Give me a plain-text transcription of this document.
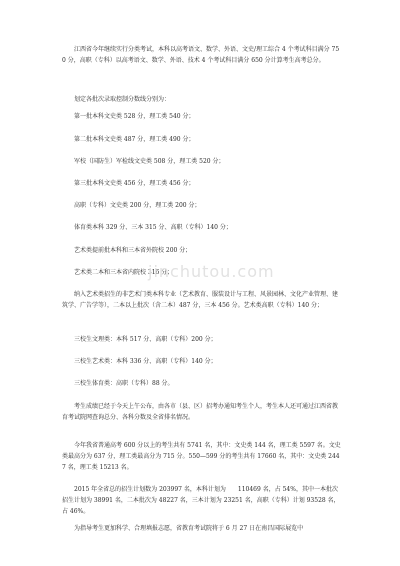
江西省今年继续实行分类考试，本科以高考语文、数学、外语、文史/理工综合 4 个考试科目满分 750 分，高职（专科）以高考语文、数学、外语、技术 4 个考试科目满分 650 分计算考生高考总分。

划定各批次录取控制分数线分别为：

第一批本科文史类 528 分，理工类 540 分；

第二批本科文史类 487 分，理工类 490 分；

军校（国防生）军检线文史类 508 分，理工类 520 分；

第三批本科文史类 456 分，理工类 456 分；

高职（专科）文史类 200 分，理工类 200 分；

体育类本科 329 分、三本 315 分、高职（专科）140 分；

艺术类提前批本科和三本省外院校 200 分；

艺术类二本和三本省内院校 316 分；

纳入艺术类招生的非艺术门类本科专业（艺术教育、服装设计与工程、风景园林、文化产业管理、建筑学、广告学等），二本以上批次（含二本）487 分，三本 456 分。艺术类高职（专科）140 分；

三校生文理类：本科 517 分、高职（专科）200 分；

三校生艺术类：本科 336 分、高职（专科）140 分；

三校生体育类：高职（专科）88 分。

考生成绩已经于今天上午公布，由各市（县、区）招考办通知考生个人，考生本人还可通过江西省教育考试院网查询总分、各科分数及全省排名情况。

今年我省普通高考 600 分以上的考生共有 5741 名，其中：文史类 144 名，理工类 5597 名。文史类最高分为 637 分，理工类最高分为 715 分。550—599 分的考生共有 17660 名，其中：文史类 2447 名，理工类 15213 名。

2015 年全省总的招生计划数为 203997 名，本科计划为　　110469 名，占 54%，其中一本批次招生计划为 38991 名，二本批次为 48227 名，三本计划为 23251 名，高职（专科）计划 93528 名，占 46%。

为指导考生更加科学、合理填报志愿，省教育考试院将于 6 月 27 日在南昌国际展览中

jinchutou.com
